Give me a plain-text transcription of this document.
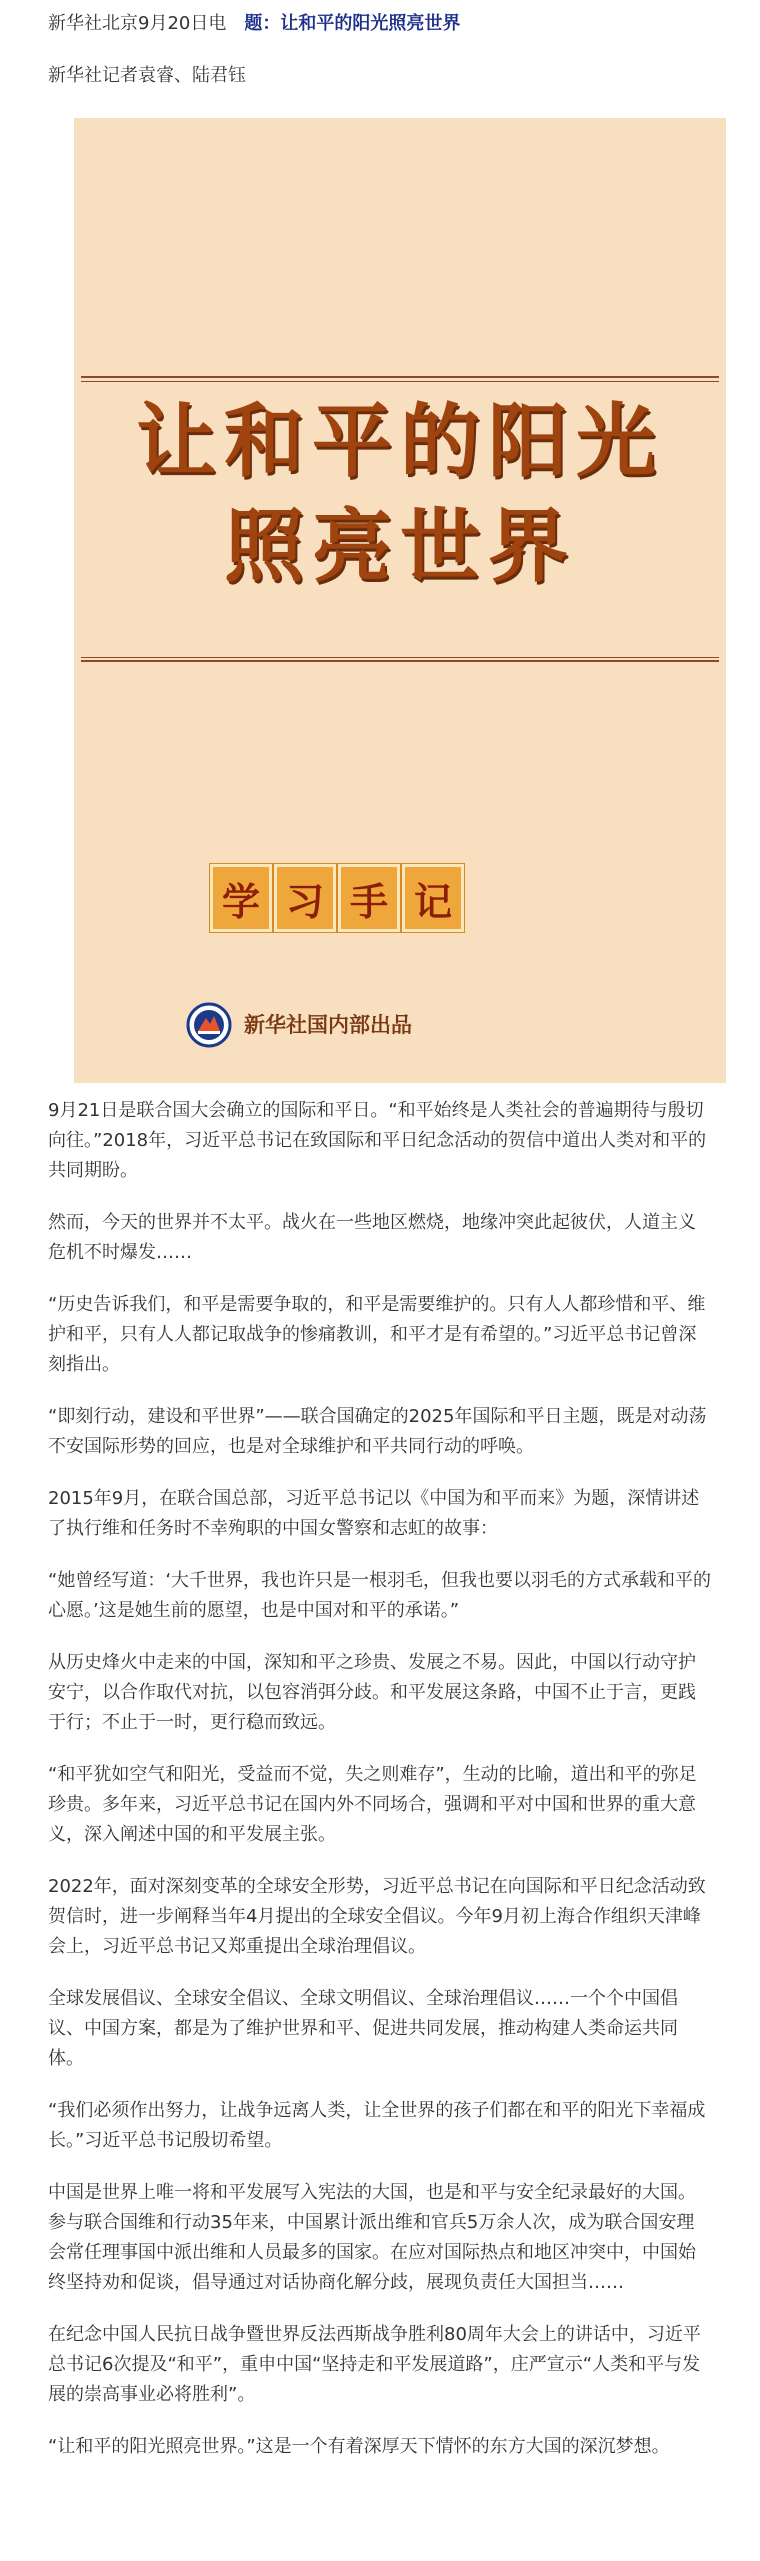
新华社北京9月20日电 题：让和平的阳光照亮世界
新华社记者袁睿、陆君钰
让和平的阳光
照亮世界
学 习 手 记
新华社国内部出品

9月21日是联合国大会确立的国际和平日。“和平始终是人类社会的普遍期待与殷切向往。”2018年，习近平总书记在致国际和平日纪念活动的贺信中道出人类对和平的共同期盼。

然而，今天的世界并不太平。战火在一些地区燃烧，地缘冲突此起彼伏，人道主义危机不时爆发……

“历史告诉我们，和平是需要争取的，和平是需要维护的。只有人人都珍惜和平、维护和平，只有人人都记取战争的惨痛教训，和平才是有希望的。”习近平总书记曾深刻指出。

“即刻行动，建设和平世界”——联合国确定的2025年国际和平日主题，既是对动荡不安国际形势的回应，也是对全球维护和平共同行动的呼唤。

2015年9月，在联合国总部，习近平总书记以《中国为和平而来》为题，深情讲述了执行维和任务时不幸殉职的中国女警察和志虹的故事：

“她曾经写道：‘大千世界，我也许只是一根羽毛，但我也要以羽毛的方式承载和平的心愿。’这是她生前的愿望，也是中国对和平的承诺。”

从历史烽火中走来的中国，深知和平之珍贵、发展之不易。因此，中国以行动守护安宁，以合作取代对抗，以包容消弭分歧。和平发展这条路，中国不止于言，更践于行；不止于一时，更行稳而致远。

“和平犹如空气和阳光，受益而不觉，失之则难存”，生动的比喻，道出和平的弥足珍贵。多年来，习近平总书记在国内外不同场合，强调和平对中国和世界的重大意义，深入阐述中国的和平发展主张。

2022年，面对深刻变革的全球安全形势，习近平总书记在向国际和平日纪念活动致贺信时，进一步阐释当年4月提出的全球安全倡议。今年9月初上海合作组织天津峰会上，习近平总书记又郑重提出全球治理倡议。

全球发展倡议、全球安全倡议、全球文明倡议、全球治理倡议……一个个中国倡议、中国方案，都是为了维护世界和平、促进共同发展，推动构建人类命运共同体。

“我们必须作出努力，让战争远离人类，让全世界的孩子们都在和平的阳光下幸福成长。”习近平总书记殷切希望。

中国是世界上唯一将和平发展写入宪法的大国，也是和平与安全纪录最好的大国。参与联合国维和行动35年来，中国累计派出维和官兵5万余人次，成为联合国安理会常任理事国中派出维和人员最多的国家。在应对国际热点和地区冲突中，中国始终坚持劝和促谈，倡导通过对话协商化解分歧，展现负责任大国担当……

在纪念中国人民抗日战争暨世界反法西斯战争胜利80周年大会上的讲话中，习近平总书记6次提及“和平”，重申中国“坚持走和平发展道路”，庄严宣示“人类和平与发展的崇高事业必将胜利”。

“让和平的阳光照亮世界。”这是一个有着深厚天下情怀的东方大国的深沉梦想。
